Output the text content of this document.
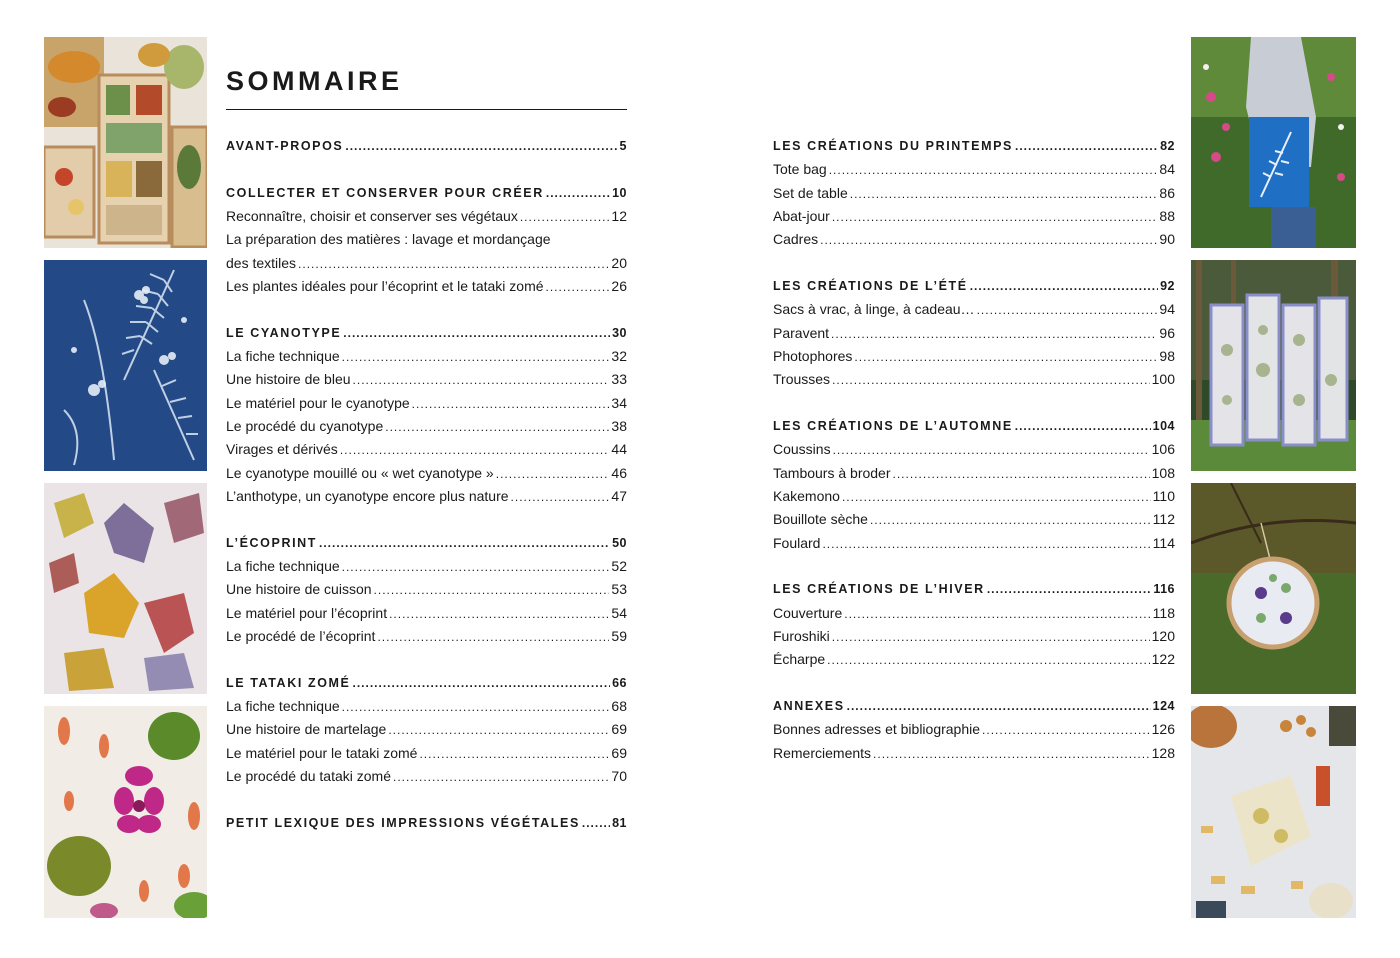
SOMMAIRE
AVANT-PROPOS .....	5
COLLECTER ET CONSERVER POUR CRÉER .....	10
Reconnaître, choisir et conserver ses végétaux .....	12
La préparation des matières : lavage et mordançage
des textiles .....	20
Les plantes idéales pour l’écoprint et le tataki zomé .....	26
LE CYANOTYPE .....	30
La fiche technique .....	32
Une histoire de bleu .....	33
Le matériel pour le cyanotype .....	34
Le procédé du cyanotype .....	38
Virages et dérivés .....	44
Le cyanotype mouillé ou « wet cyanotype » .....	46
L’anthotype, un cyanotype encore plus nature .....	47
L’ÉCOPRINT .....	50
La fiche technique .....	52
Une histoire de cuisson .....	53
Le matériel pour l’écoprint .....	54
Le procédé de l’écoprint .....	59
LE TATAKI ZOMÉ .....	66
La fiche technique .....	68
Une histoire de martelage .....	69
Le matériel pour le tataki zomé .....	69
Le procédé du tataki zomé .....	70
PETIT LEXIQUE DES IMPRESSIONS VÉGÉTALES .....	81
LES CRÉATIONS DU PRINTEMPS .....	82
Tote bag .....	84
Set de table .....	86
Abat-jour .....	88
Cadres .....	90
LES CRÉATIONS DE L’ÉTÉ .....	92
Sacs à vrac, à linge, à cadeau… .....	94
Paravent .....	96
Photophores .....	98
Trousses .....	100
LES CRÉATIONS DE L’AUTOMNE .....	104
Coussins .....	106
Tambours à broder .....	108
Kakemono .....	110
Bouillote sèche .....	112
Foulard .....	114
LES CRÉATIONS DE L’HIVER .....	116
Couverture .....	118
Furoshiki .....	120
Écharpe .....	122
ANNEXES .....	124
Bonnes adresses et bibliographie .....	126
Remerciements .....	128
